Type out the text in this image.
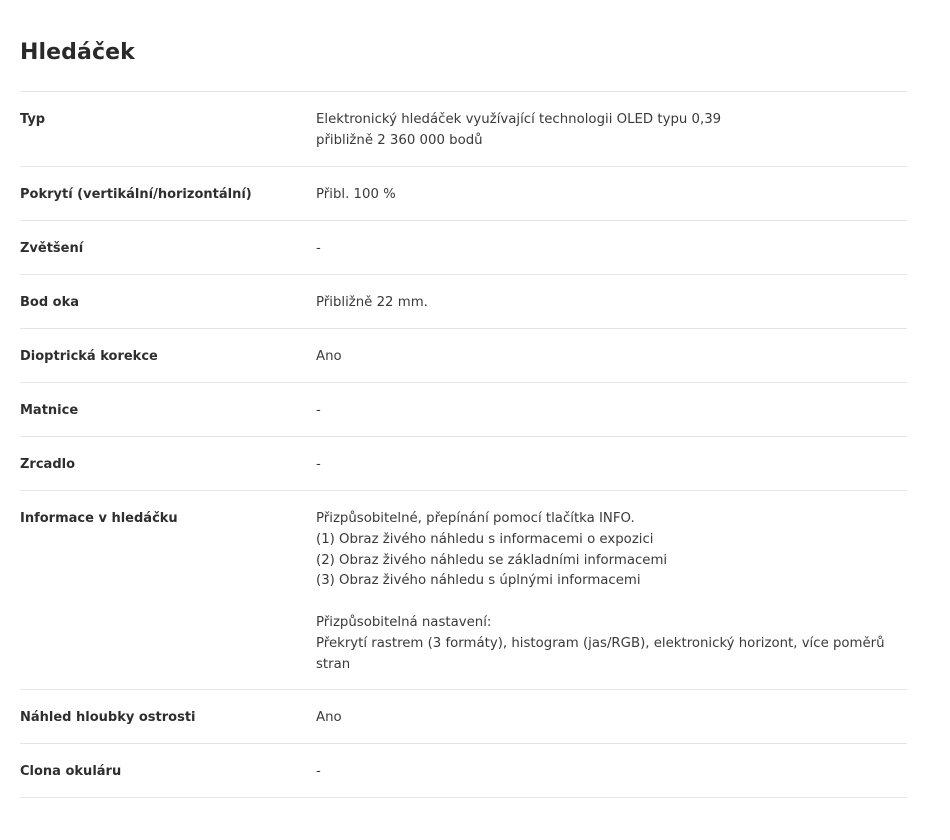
Hledáček
Typ	Elektronický hledáček využívající technologii OLED typu 0,39
přibližně 2 360 000 bodů
Pokrytí (vertikální/horizontální)	Přibl. 100 %
Zvětšení	-
Bod oka	Přibližně 22 mm.
Dioptrická korekce	Ano
Matnice	-
Zrcadlo	-
Informace v hledáčku	Přizpůsobitelné, přepínání pomocí tlačítka INFO.
(1) Obraz živého náhledu s informacemi o expozici
(2) Obraz živého náhledu se základními informacemi
(3) Obraz živého náhledu s úplnými informacemi
Přizpůsobitelná nastavení:
Překrytí rastrem (3 formáty), histogram (jas/RGB), elektronický horizont, více poměrů stran
Náhled hloubky ostrosti	Ano
Clona okuláru	-
